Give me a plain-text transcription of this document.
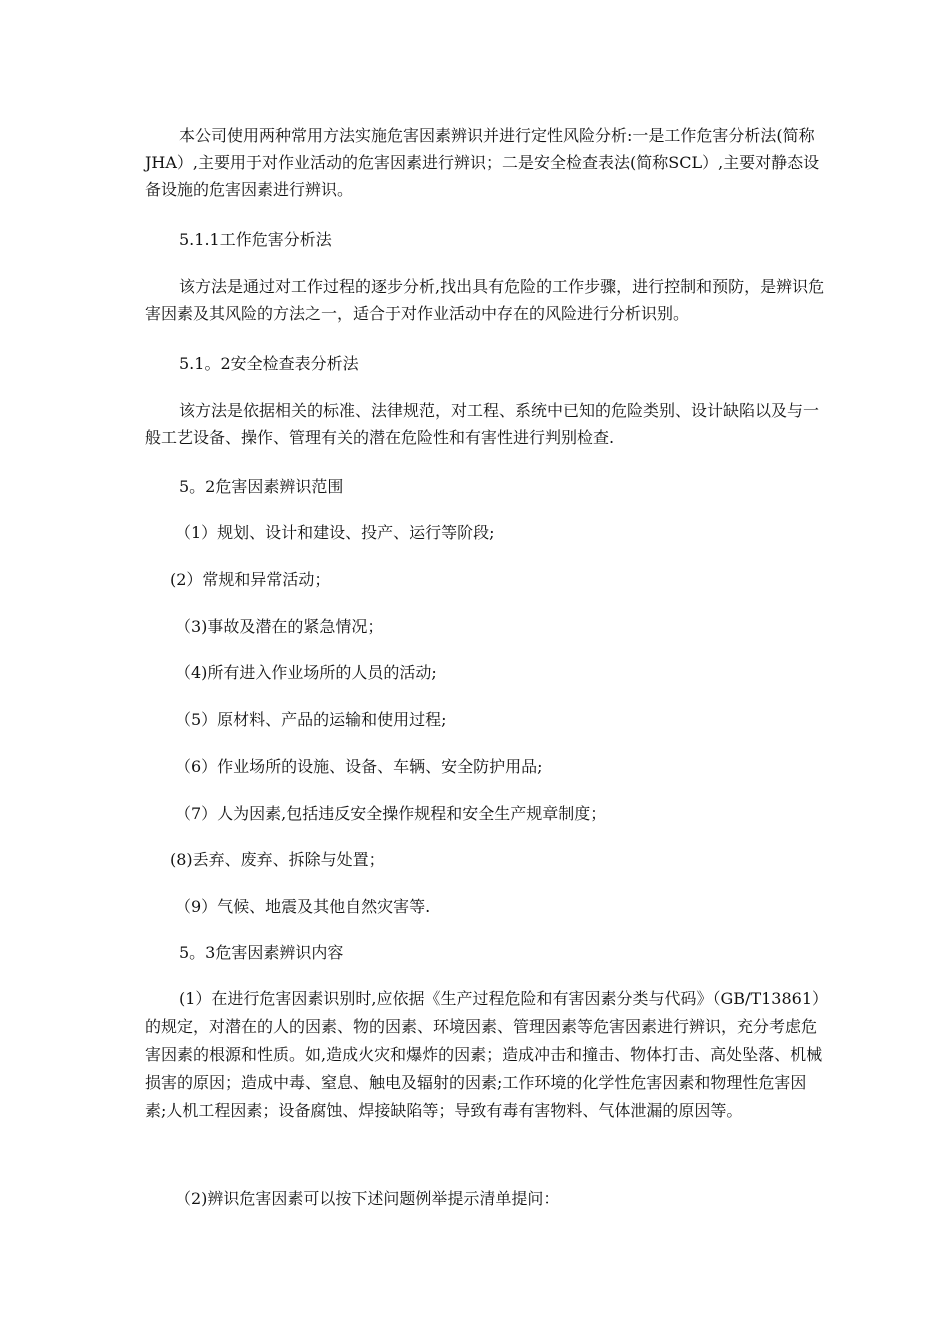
本公司使用两种常用方法实施危害因素辨识并进行定性风险分析:一是工作危害分析法(简称JHA）,主要用于对作业活动的危害因素进行辨识；二是安全检查表法(简称SCL）,主要对静态设备设施的危害因素进行辨识。

5.1.1工作危害分析法

该方法是通过对工作过程的逐步分析,找出具有危险的工作步骤，进行控制和预防，是辨识危害因素及其风险的方法之一，适合于对作业活动中存在的风险进行分析识别。

5.1。2安全检查表分析法

该方法是依据相关的标准、法律规范，对工程、系统中已知的危险类别、设计缺陷以及与一般工艺设备、操作、管理有关的潜在危险性和有害性进行判别检查.

5。2危害因素辨识范围

（1）规划、设计和建设、投产、运行等阶段;

(2）常规和异常活动；

（3)事故及潜在的紧急情况；

（4)所有进入作业场所的人员的活动;

（5）原材料、产品的运输和使用过程;

（6）作业场所的设施、设备、车辆、安全防护用品;

（7）人为因素,包括违反安全操作规程和安全生产规章制度；

(8)丢弃、废弃、拆除与处置；

（9）气候、地震及其他自然灾害等.

5。3危害因素辨识内容

(1）在进行危害因素识别时,应依据《生产过程危险和有害因素分类与代码》（GB/T13861）的规定，对潜在的人的因素、物的因素、环境因素、管理因素等危害因素进行辨识，充分考虑危害因素的根源和性质。如,造成火灾和爆炸的因素；造成冲击和撞击、物体打击、高处坠落、机械损害的原因；造成中毒、窒息、触电及辐射的因素;工作环境的化学性危害因素和物理性危害因素;人机工程因素；设备腐蚀、焊接缺陷等；导致有毒有害物料、气体泄漏的原因等。

（2)辨识危害因素可以按下述问题例举提示清单提问：
